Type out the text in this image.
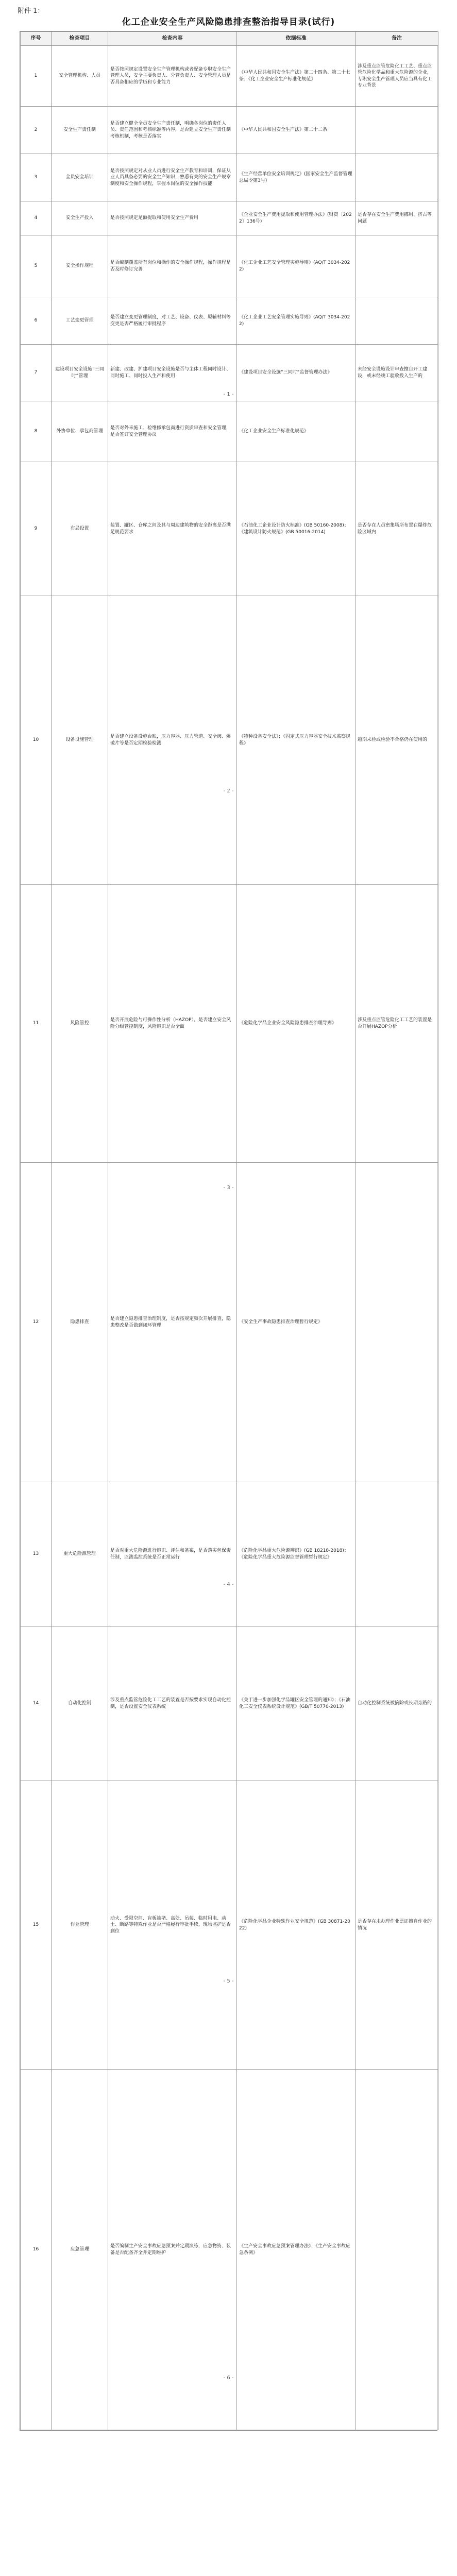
附件 1：
化工企业安全生产风险隐患排查整治指导目录(试行)
序号	检查项目	检查内容	依据标准	备注
1	安全管理机构、人员	是否按照规定设置安全生产管理机构或者配备专职安全生产管理人员，安全主要负责人、分管负责人、安全管理人员是否具备相应的学历和专业能力	《中华人民共和国安全生产法》第二十四条、第二十七条；《化工企业安全生产标准化规范》	涉及重点监管危险化工工艺、重点监管危险化学品和重大危险源的企业，专职安全生产管理人员应当具有化工专业背景
2	安全生产责任制	是否建立健全全员安全生产责任制，明确各岗位的责任人员、责任范围和考核标准等内容，是否建立安全生产责任制考核机制，考核是否落实	《中华人民共和国安全生产法》第二十二条	
3	全员安全培训	是否按照规定对从业人员进行安全生产教育和培训，保证从业人员具备必要的安全生产知识，熟悉有关的安全生产规章制度和安全操作规程，掌握本岗位的安全操作技能	《生产经营单位安全培训规定》(国家安全生产监督管理总局令第3号)	
4	安全生产投入	是否按照规定足额提取和使用安全生产费用	《企业安全生产费用提取和使用管理办法》(财资〔2022〕136号)	是否存在安全生产费用挪用、挤占等问题
5	安全操作规程	是否编制覆盖所有岗位和操作的安全操作规程，操作规程是否及时修订完善	《化工企业工艺安全管理实施导则》(AQ/T 3034-2022)	
6	工艺变更管理	是否建立变更管理制度，对工艺、设备、仪表、原辅材料等变更是否严格履行审批程序	《化工企业工艺安全管理实施导则》(AQ/T 3034-2022)	
7	建设项目安全设施“三同时”管理	新建、改建、扩建项目安全设施是否与主体工程同时设计、同时施工、同时投入生产和使用	《建设项目安全设施“三同时”监督管理办法》	未经安全设施设计审查擅自开工建设，或未经竣工验收投入生产的
8	外协单位、承包商管理	是否对外来施工、检维修承包商进行资质审查和安全管理，是否签订安全管理协议	《化工企业安全生产标准化规范》	
9	布局设置	装置、罐区、仓库之间及其与周边建筑物的安全距离是否满足规范要求	《石油化工企业设计防火标准》(GB 50160-2008)；《建筑设计防火规范》(GB 50016-2014)	是否存在人员密集场所布置在爆炸危险区域内
10	设备设施管理	是否建立设备设施台账，压力容器、压力管道、安全阀、爆破片等是否定期检验检测	《特种设备安全法》；《固定式压力容器安全技术监察规程》	超期未检或检验不合格仍在使用的
11	风险管控	是否开展危险与可操作性分析（HAZOP），是否建立安全风险分级管控制度，风险辨识是否全面	《危险化学品企业安全风险隐患排查治理导则》	涉及重点监管危险化工工艺的装置是否开展HAZOP分析
12	隐患排查	是否建立隐患排查治理制度，是否按规定频次开展排查，隐患整改是否做到闭环管理	《安全生产事故隐患排查治理暂行规定》	
13	重大危险源管理	是否对重大危险源进行辨识、评估和备案，是否落实包保责任制，监测监控系统是否正常运行	《危险化学品重大危险源辨识》(GB 18218-2018)；《危险化学品重大危险源监督管理暂行规定》	
14	自动化控制	涉及重点监管危险化工工艺的装置是否按要求实现自动化控制，是否设置安全仪表系统	《关于进一步加强化学品罐区安全管理的通知》；《石油化工安全仪表系统设计规范》(GB/T 50770-2013)	自动化控制系统被摘除或长期旁路的
15	作业管理	动火、受限空间、盲板抽堵、高处、吊装、临时用电、动土、断路等特殊作业是否严格履行审批手续，现场监护是否到位	《危险化学品企业特殊作业安全规范》(GB 30871-2022)	是否存在未办理作业票证擅自作业的情况
16	应急管理	是否编制生产安全事故应急预案并定期演练，应急物资、装备是否配备齐全并定期维护	《生产安全事故应急预案管理办法》；《生产安全事故应急条例》	
- 1 -
- 2 -
- 3 -
- 4 -
- 5 -
- 6 -
